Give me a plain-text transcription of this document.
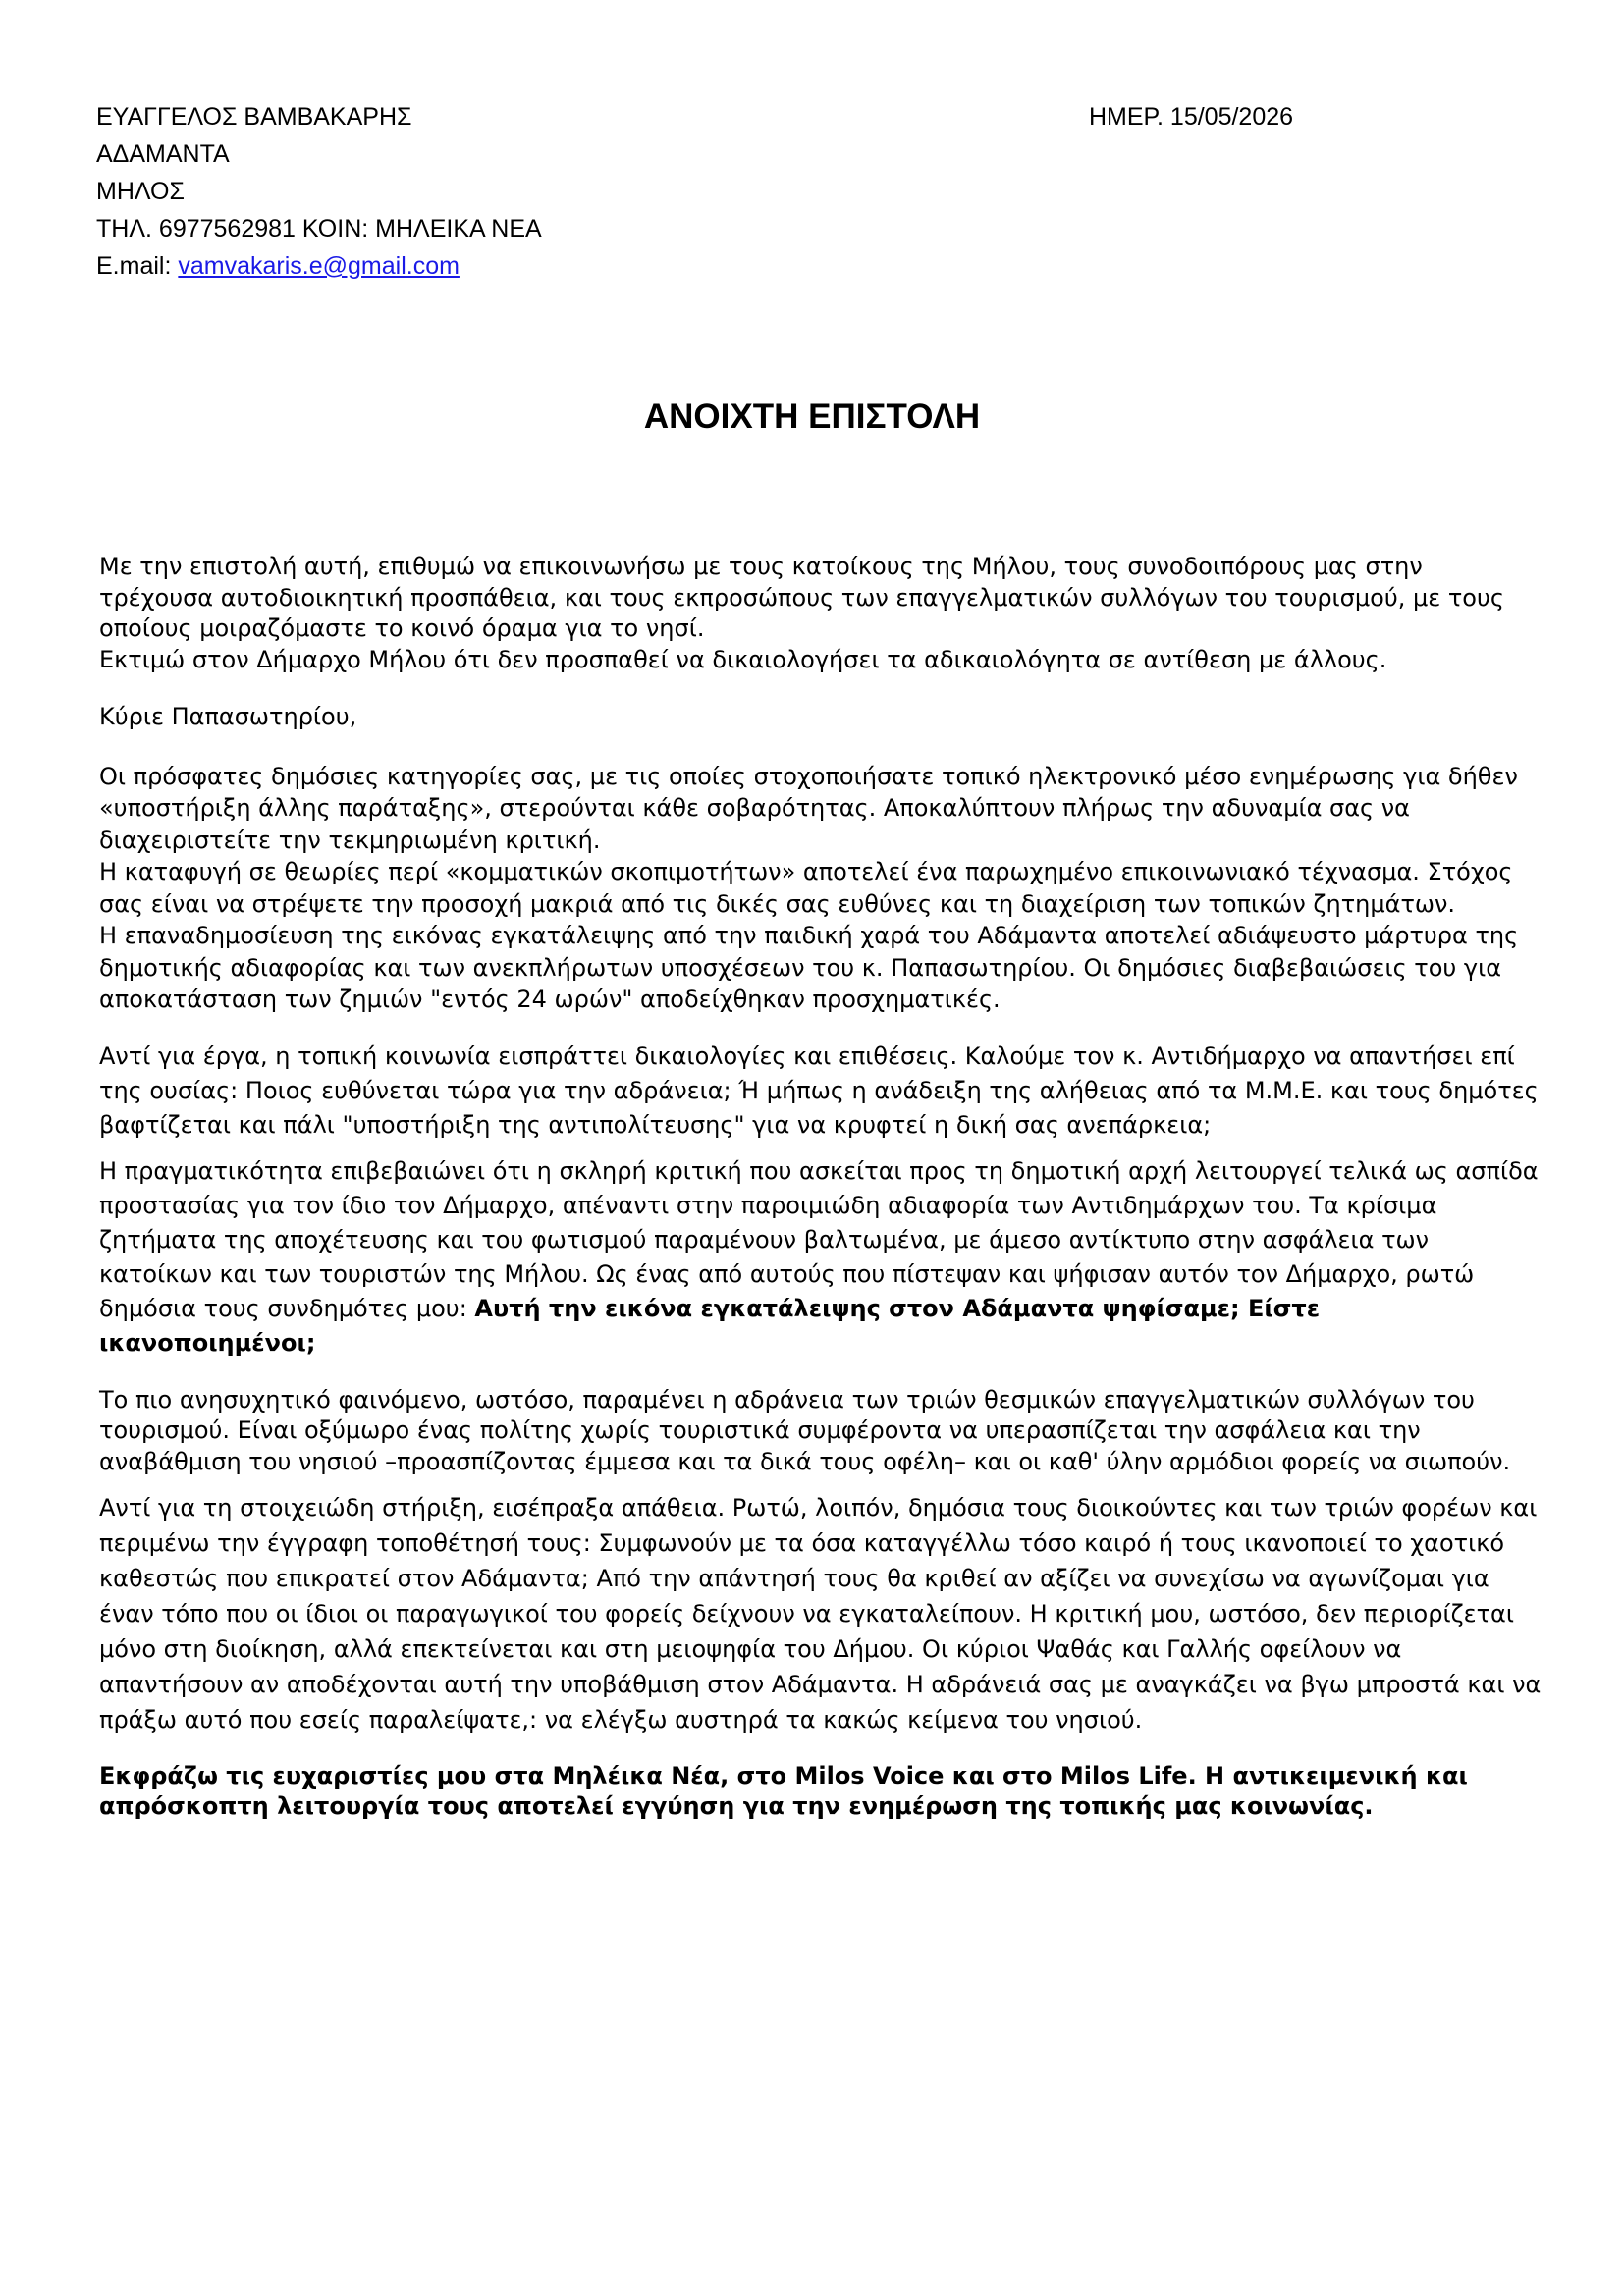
ΕΥΑΓΓΕΛΟΣ ΒΑΜΒΑΚΑΡΗΣ
ΑΔΑΜΑΝΤΑ
ΜΗΛΟΣ
ΤΗΛ. 6977562981 ΚΟΙΝ: ΜΗΛΕΙΚΑ ΝΕΑ
E.mail: vamvakaris.e@gmail.com
ΗΜΕΡ. 15/05/2026
ΑΝΟΙΧΤΗ ΕΠΙΣΤΟΛΗ

Με την επιστολή αυτή, επιθυμώ να επικοινωνήσω με τους κατοίκους της Μήλου, τους συνοδοιπόρους μας στην τρέχουσα αυτοδιοικητική προσπάθεια, και τους εκπροσώπους των επαγγελματικών συλλόγων του τουρισμού, με τους οποίους μοιραζόμαστε το κοινό όραμα για το νησί.

Εκτιμώ στον Δήμαρχο Μήλου ότι δεν προσπαθεί να δικαιολογήσει τα αδικαιολόγητα σε αντίθεση με άλλους.

Κύριε Παπασωτηρίου,

Οι πρόσφατες δημόσιες κατηγορίες σας, με τις οποίες στοχοποιήσατε τοπικό ηλεκτρονικό μέσο ενημέρωσης για δήθεν «υποστήριξη άλλης παράταξης», στερούνται κάθε σοβαρότητας. Αποκαλύπτουν πλήρως την αδυναμία σας να διαχειριστείτε την τεκμηριωμένη κριτική.

Η καταφυγή σε θεωρίες περί «κομματικών σκοπιμοτήτων» αποτελεί ένα παρωχημένο επικοινωνιακό τέχνασμα. Στόχος σας είναι να στρέψετε την προσοχή μακριά από τις δικές σας ευθύνες και τη διαχείριση των τοπικών ζητημάτων.

Η επαναδημοσίευση της εικόνας εγκατάλειψης από την παιδική χαρά του Αδάμαντα αποτελεί αδιάψευστο μάρτυρα της δημοτικής αδιαφορίας και των ανεκπλήρωτων υποσχέσεων του κ. Παπασωτηρίου. Οι δημόσιες διαβεβαιώσεις του για αποκατάσταση των ζημιών "εντός 24 ωρών" αποδείχθηκαν προσχηματικές.

Αντί για έργα, η τοπική κοινωνία εισπράττει δικαιολογίες και επιθέσεις. Καλούμε τον κ. Αντιδήμαρχο να απαντήσει επί της ουσίας: Ποιος ευθύνεται τώρα για την αδράνεια; Ή μήπως η ανάδειξη της αλήθειας από τα Μ.Μ.Ε. και τους δημότες βαφτίζεται και πάλι "υποστήριξη της αντιπολίτευσης" για να κρυφτεί η δική σας ανεπάρκεια;

Η πραγματικότητα επιβεβαιώνει ότι η σκληρή κριτική που ασκείται προς τη δημοτική αρχή λειτουργεί τελικά ως ασπίδα προστασίας για τον ίδιο τον Δήμαρχο, απέναντι στην παροιμιώδη αδιαφορία των Αντιδημάρχων του. Τα κρίσιμα ζητήματα της αποχέτευσης και του φωτισμού παραμένουν βαλτωμένα, με άμεσο αντίκτυπο στην ασφάλεια των κατοίκων και των τουριστών της Μήλου. Ως ένας από αυτούς που πίστεψαν και ψήφισαν αυτόν τον Δήμαρχο, ρωτώ δημόσια τους συνδημότες μου: Αυτή την εικόνα εγκατάλειψης στον Αδάμαντα ψηφίσαμε; Είστε ικανοποιημένοι;

Το πιο ανησυχητικό φαινόμενο, ωστόσο, παραμένει η αδράνεια των τριών θεσμικών επαγγελματικών συλλόγων του τουρισμού. Είναι οξύμωρο ένας πολίτης χωρίς τουριστικά συμφέροντα να υπερασπίζεται την ασφάλεια και την αναβάθμιση του νησιού –προασπίζοντας έμμεσα και τα δικά τους οφέλη– και οι καθ' ύλην αρμόδιοι φορείς να σιωπούν.

Αντί για τη στοιχειώδη στήριξη, εισέπραξα απάθεια. Ρωτώ, λοιπόν, δημόσια τους διοικούντες και των τριών φορέων και περιμένω την έγγραφη τοποθέτησή τους: Συμφωνούν με τα όσα καταγγέλλω τόσο καιρό ή τους ικανοποιεί το χαοτικό καθεστώς που επικρατεί στον Αδάμαντα; Από την απάντησή τους θα κριθεί αν αξίζει να συνεχίσω να αγωνίζομαι για έναν τόπο που οι ίδιοι οι παραγωγικοί του φορείς δείχνουν να εγκαταλείπουν. Η κριτική μου, ωστόσο, δεν περιορίζεται μόνο στη διοίκηση, αλλά επεκτείνεται και στη μειοψηφία του Δήμου. Οι κύριοι Ψαθάς και Γαλλής οφείλουν να απαντήσουν αν αποδέχονται αυτή την υποβάθμιση στον Αδάμαντα. Η αδράνειά σας με αναγκάζει να βγω μπροστά και να πράξω αυτό που εσείς παραλείψατε,: να ελέγξω αυστηρά τα κακώς κείμενα του νησιού.

Εκφράζω τις ευχαριστίες μου στα Μηλέικα Νέα, στο Milos Voice και στο Milos Life. Η αντικειμενική και απρόσκοπτη λειτουργία τους αποτελεί εγγύηση για την ενημέρωση της τοπικής μας κοινωνίας.
